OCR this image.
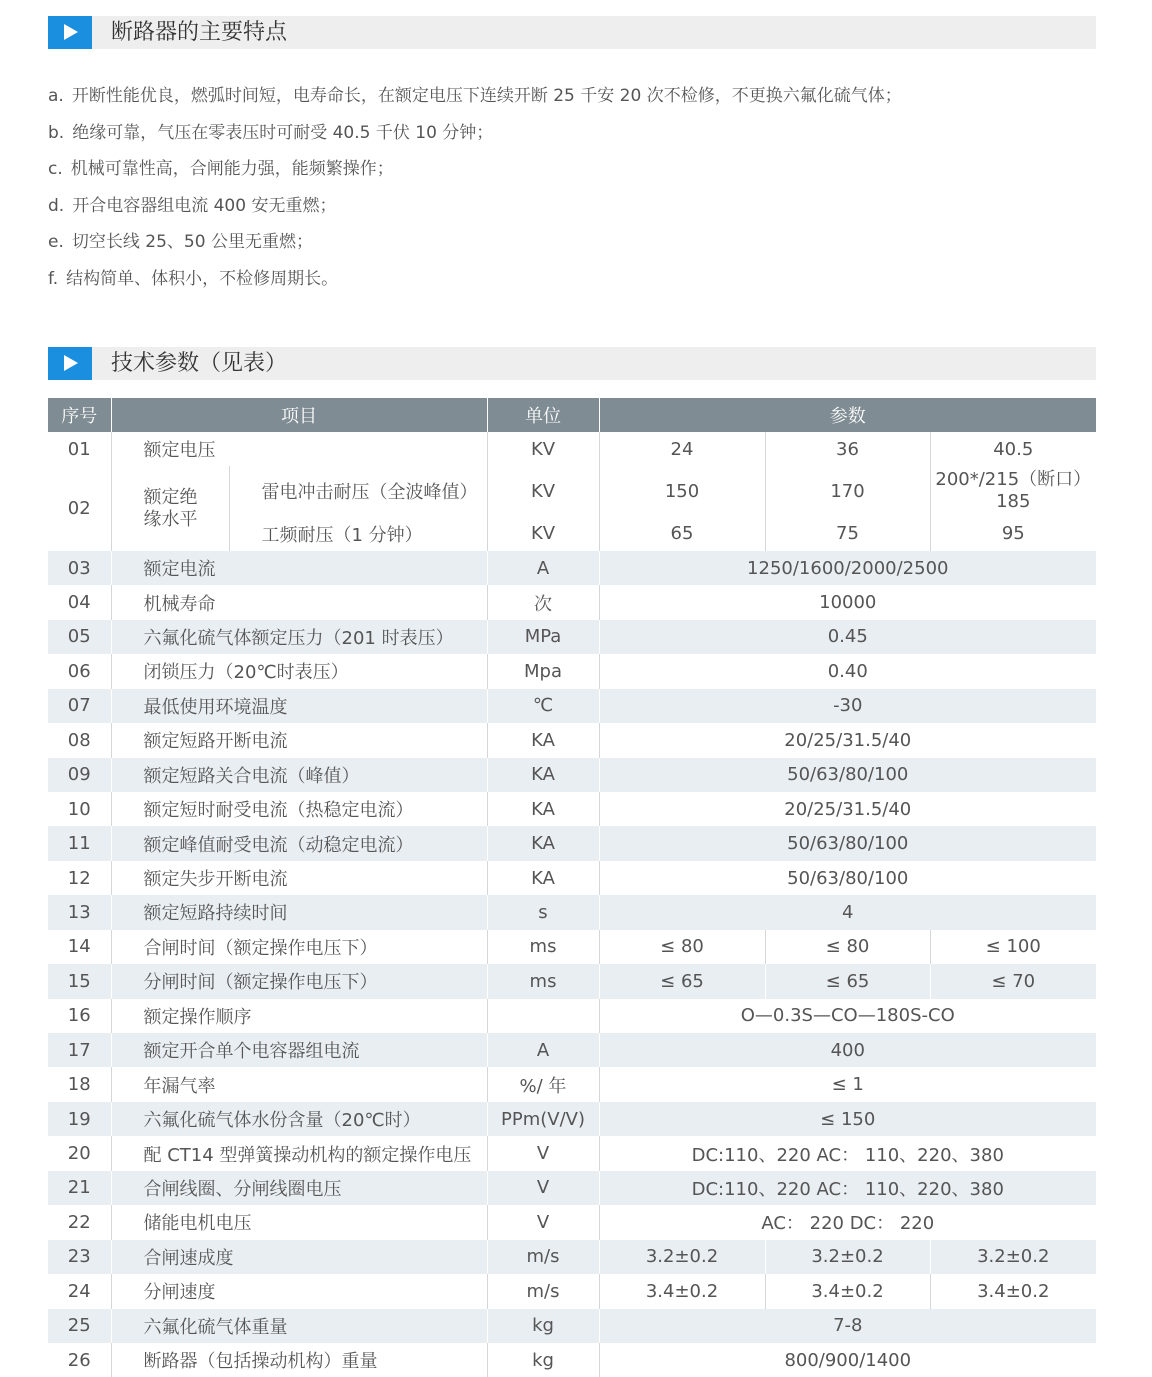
断路器的主要特点
a. 开断性能优良，燃弧时间短，电寿命长，在额定电压下连续开断 25 千安 20 次不检修，不更换六氟化硫气体；
b. 绝缘可靠，气压在零表压时可耐受 40.5 千伏 10 分钟；
c. 机械可靠性高，合闸能力强，能频繁操作；
d. 开合电容器组电流 400 安无重燃；
e. 切空长线 25、50 公里无重燃；
f. 结构简单、体积小，不检修周期长。
技术参数（见表）
序号	项目		单位	参数		
01	额定电压		KV	24	36	40.5
02	额定绝缘水平	雷电冲击耐压（全波峰值）	KV	150	170	200*/215（断口）
185

		工频耐压（1 分钟）	KV	65	75	95
03	额定电流		A	1250/1600/2000/2500		
04	机械寿命		次	10000		
05	六氟化硫气体额定压力（201 时表压）		MPa	0.45		
06	闭锁压力（20℃时表压）		Mpa	0.40		
07	最低使用环境温度		℃	-30		
08	额定短路开断电流		KA	20/25/31.5/40		
09	额定短路关合电流（峰值）		KA	50/63/80/100		
10	额定短时耐受电流（热稳定电流）		KA	20/25/31.5/40		
11	额定峰值耐受电流（动稳定电流）		KA	50/63/80/100		
12	额定失步开断电流		KA	50/63/80/100		
13	额定短路持续时间		s	4		
14	合闸时间（额定操作电压下）		ms	≤ 80	≤ 80	≤ 100
15	分闸时间（额定操作电压下）		ms	≤ 65	≤ 65	≤ 70
16	额定操作顺序			O—0.3S—CO—180S-CO		
17	额定开合单个电容器组电流		A	400		
18	年漏气率		%/ 年	≤ 1		
19	六氟化硫气体水份含量（20℃时）		PPm(V/V)	≤ 150		
20	配 CT14 型弹簧操动机构的额定操作电压		V	DC:110、220 AC： 110、220、380		
21	合闸线圈、分闸线圈电压		V	DC:110、220 AC： 110、220、380		
22	储能电机电压		V	AC： 220 DC： 220		
23	合闸速成度		m/s	3.2±0.2	3.2±0.2	3.2±0.2
24	分闸速度		m/s	3.4±0.2	3.4±0.2	3.4±0.2
25	六氟化硫气体重量		kg	7-8		
26	断路器（包括操动机构）重量		kg	800/900/1400		
